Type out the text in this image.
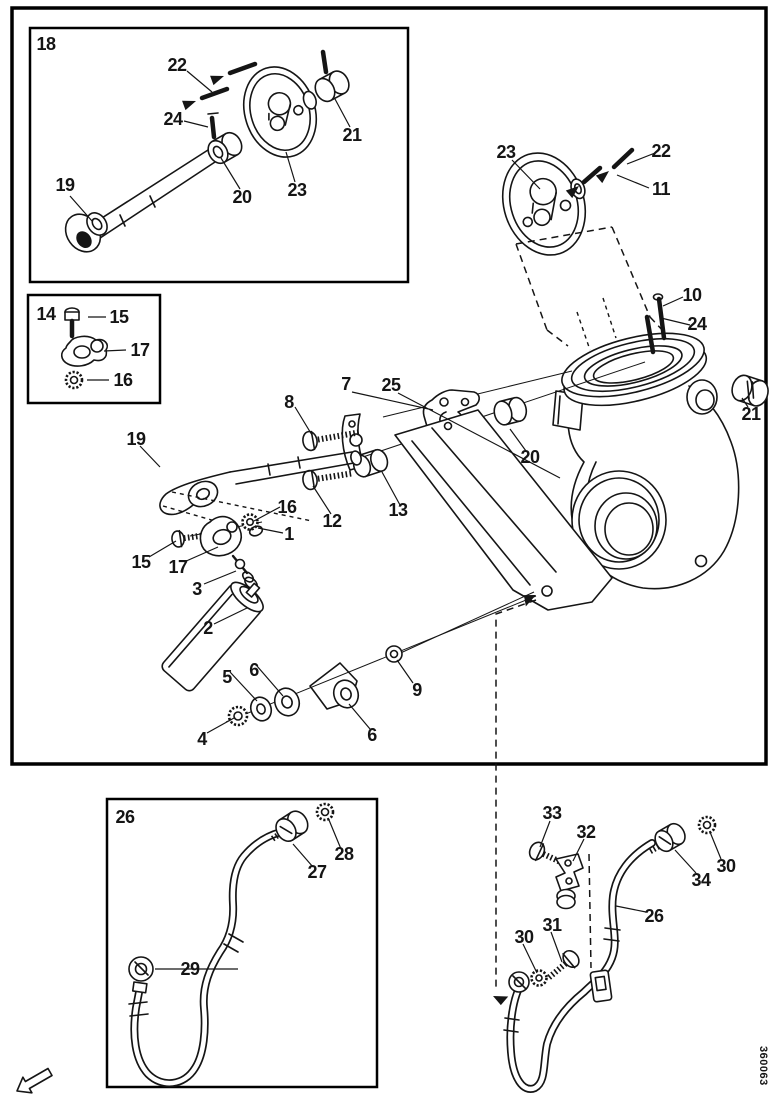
18
22
24
19
20 23
21
14	15
17
16
23	22
11
10
24
21
20
7 25
8
19
16
1
12
13
15 17
3
2
5 6
4	6
9
26
28
27
29
33
32
30
34
26
31
30
360063
